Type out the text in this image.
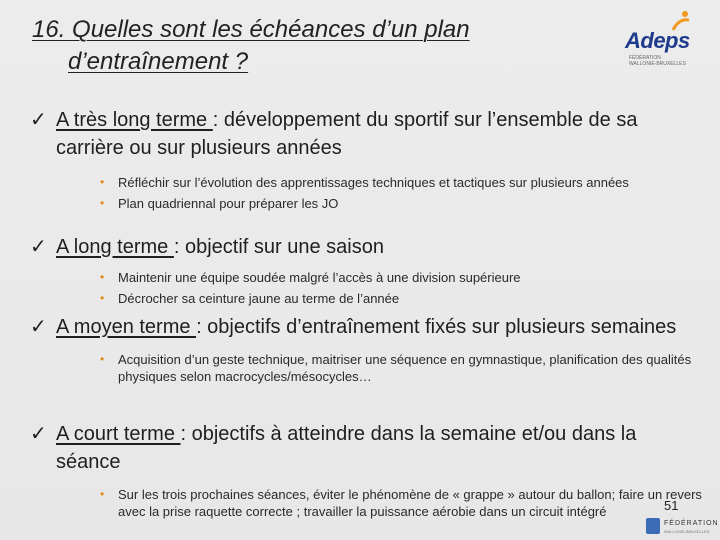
16. Quelles sont les échéances d’un plan
d’entraînement ?
Adeps
FÉDÉRATION
WALLONIE-BRUXELLES
✓ A très long terme : développement du sportif sur l’ensemble de sa carrière ou sur plusieurs années
• Réfléchir sur l’évolution des apprentissages techniques et tactiques sur plusieurs années
• Plan quadriennal pour préparer les JO
✓ A long terme : objectif sur une saison
• Maintenir une équipe soudée malgré l’accès à une division supérieure
• Décrocher sa ceinture jaune au terme de l’année
✓ A moyen terme : objectifs d’entraînement fixés sur plusieurs semaines
• Acquisition d’un geste technique, maitriser une séquence en gymnastique, planification des qualités physiques selon macrocycles/mésocycles…
✓ A court terme : objectifs à atteindre dans la semaine et/ou dans la séance
• Sur les trois prochaines séances, éviter le phénomène de « grappe » autour du ballon; faire un revers avec la prise raquette correcte ; travailler la puissance aérobie dans un circuit intégré	51
FÉDÉRATION
WALLONIE-BRUXELLES
